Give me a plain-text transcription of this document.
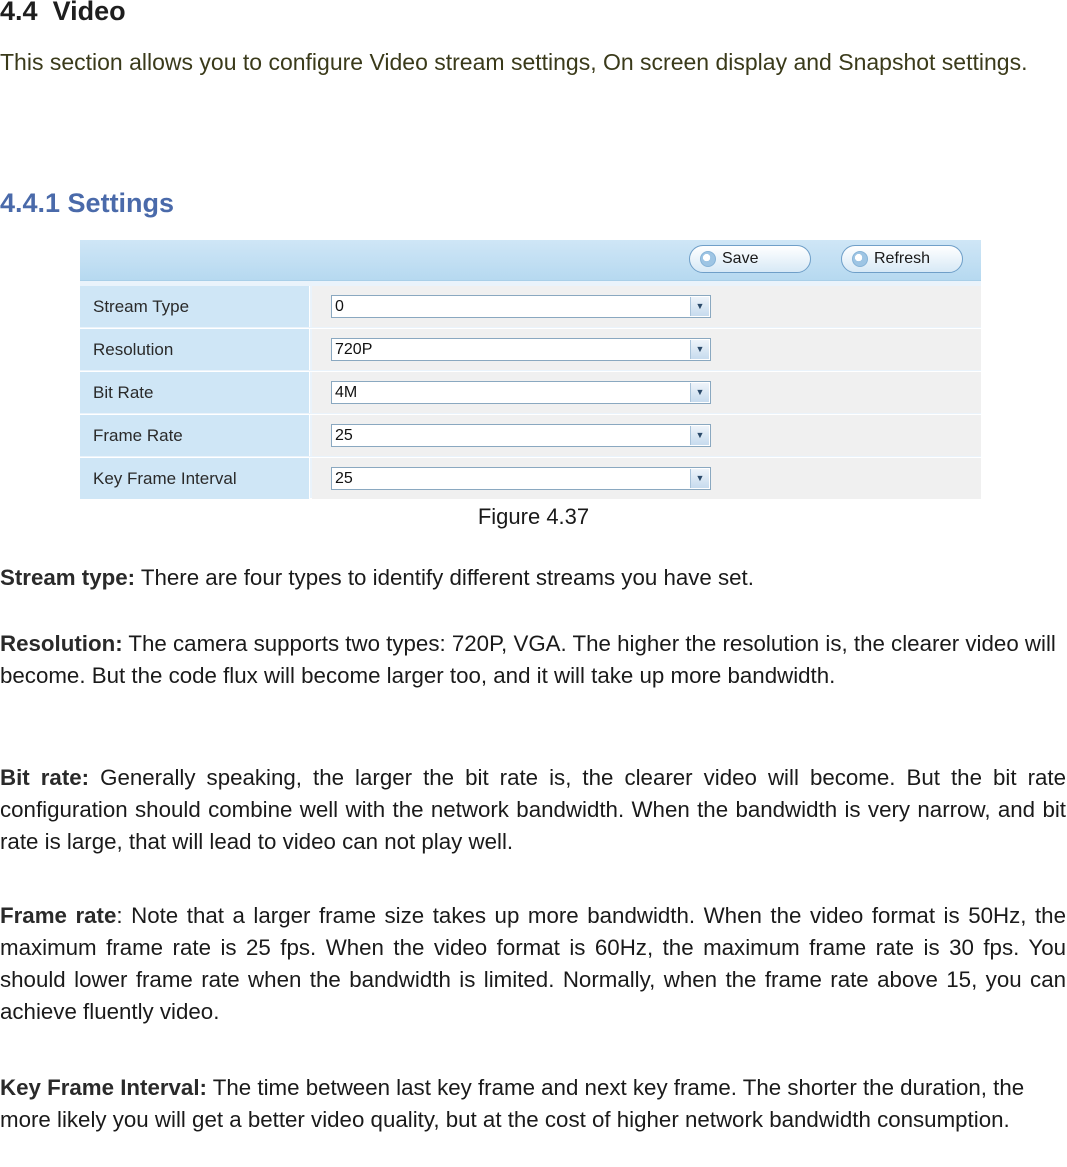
4.4 Video

This section allows you to configure Video stream settings, On screen display and Snapshot settings.

4.4.1 Settings
Save	Refresh
Stream Type	0	▼
Resolution	720P	▼
Bit Rate	4M	▼
Frame Rate	25	▼
Key Frame Interval	25	▼
Figure 4.37

Stream type: There are four types to identify different streams you have set.

Resolution: The camera supports two types: 720P, VGA. The higher the resolution is, the clearer video will become. But the code flux will become larger too, and it will take up more bandwidth.

Bit rate: Generally speaking, the larger the bit rate is, the clearer video will become. But the bit rate configuration should combine well with the network bandwidth. When the bandwidth is very narrow, and bit rate is large, that will lead to video can not play well.

Frame rate: Note that a larger frame size takes up more bandwidth. When the video format is 50Hz, the maximum frame rate is 25 fps. When the video format is 60Hz, the maximum frame rate is 30 fps. You should lower frame rate when the bandwidth is limited. Normally, when the frame rate above 15, you can achieve fluently video.

Key Frame Interval: The time between last key frame and next key frame. The shorter the duration, the more likely you will get a better video quality, but at the cost of higher network bandwidth consumption.
